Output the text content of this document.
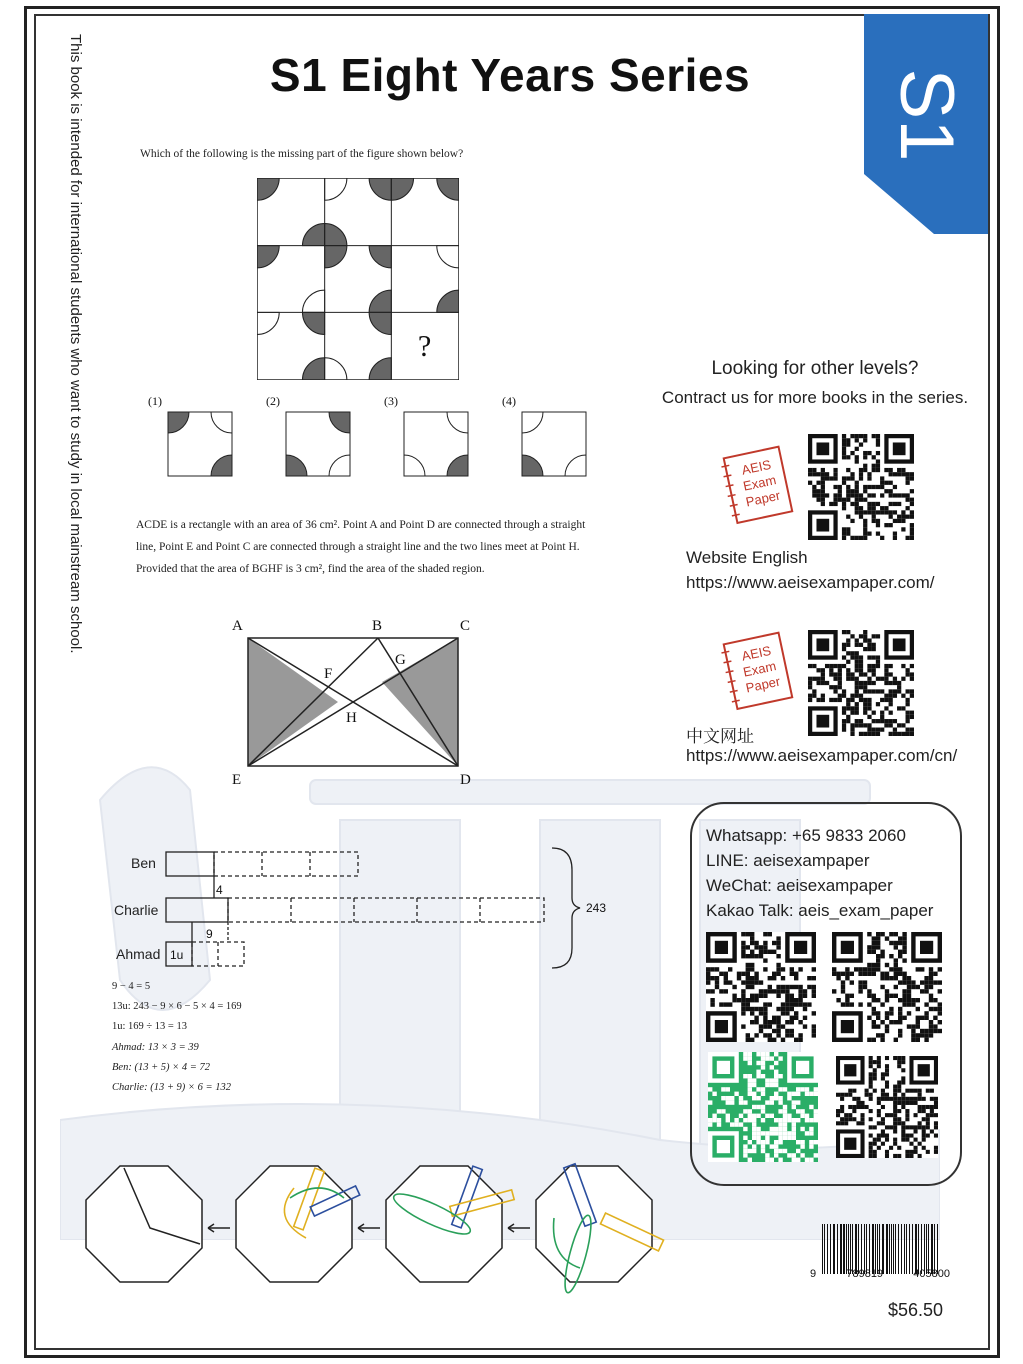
This book is intended for international students who want to study in local mainstream school.	S1 Eight Years Series	S1
Which of the following is the missing part of the figure shown below?
?
(1)	(2)	(3)	(4)
ACDE is a rectangle with an area of 36 cm². Point A and Point D are connected through a straight line, Point E and Point C are connected through a straight line and the two lines meet at Point H. Provided that the area of BGHF is 3 cm², find the area of the shaded region.
A	B	C
D
E
F
G
H
Ben
Charlie
Ahmad
4
9
1u
243
9 − 4 = 5
13u: 243 − 9 × 6 − 5 × 4 = 169
1u: 169 ÷ 13 = 13
Ahmad: 13 × 3 = 39
Ben: (13 + 5) × 4 = 72
Charlie: (13 + 9) × 6 = 132
Looking for other levels?
Contract us for more books in the series.
AEIS
Exam
Paper
AEIS
Exam
Paper
Website English
https://www.aeisexampaper.com/
中文网址
https://www.aeisexampaper.com/cn/
Whatsapp: +65 9833 2060
LINE: aeisexampaper
WeChat: aeisexampaper
Kakao Talk: aeis_exam_paper
9	789819	405800
$56.50
